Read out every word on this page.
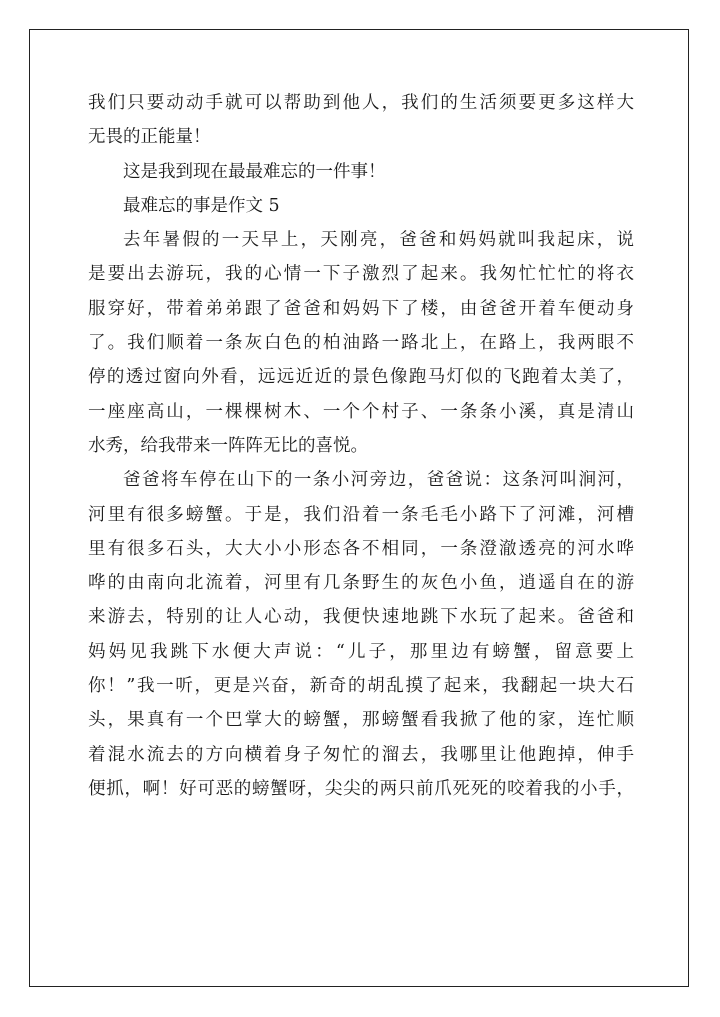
我们只要动动手就可以帮助到他人，我们的生活须要更多这样大
无畏的正能量！
这是我到现在最最难忘的一件事！
最难忘的事是作文 5
去年暑假的一天早上，天刚亮，爸爸和妈妈就叫我起床，说
是要出去游玩，我的心情一下子激烈了起来。我匆忙忙忙的将衣
服穿好，带着弟弟跟了爸爸和妈妈下了楼，由爸爸开着车便动身
了。我们顺着一条灰白色的柏油路一路北上，在路上，我两眼不
停的透过窗向外看，远远近近的景色像跑马灯似的飞跑着太美了，
一座座高山，一棵棵树木、一个个村子、一条条小溪，真是清山
水秀，给我带来一阵阵无比的喜悦。
爸爸将车停在山下的一条小河旁边，爸爸说：这条河叫涧河，
河里有很多螃蟹。于是，我们沿着一条毛毛小路下了河滩，河槽
里有很多石头，大大小小形态各不相同，一条澄澈透亮的河水哗
哗的由南向北流着，河里有几条野生的灰色小鱼，逍遥自在的游
来游去，特别的让人心动，我便快速地跳下水玩了起来。爸爸和
妈妈见我跳下水便大声说：“儿子，那里边有螃蟹，留意要上
你！”我一听，更是兴奋，新奇的胡乱摸了起来，我翻起一块大石
头，果真有一个巴掌大的螃蟹，那螃蟹看我掀了他的家，连忙顺
着混水流去的方向横着身子匆忙的溜去，我哪里让他跑掉，伸手
便抓，啊！好可恶的螃蟹呀，尖尖的两只前爪死死的咬着我的小手，
